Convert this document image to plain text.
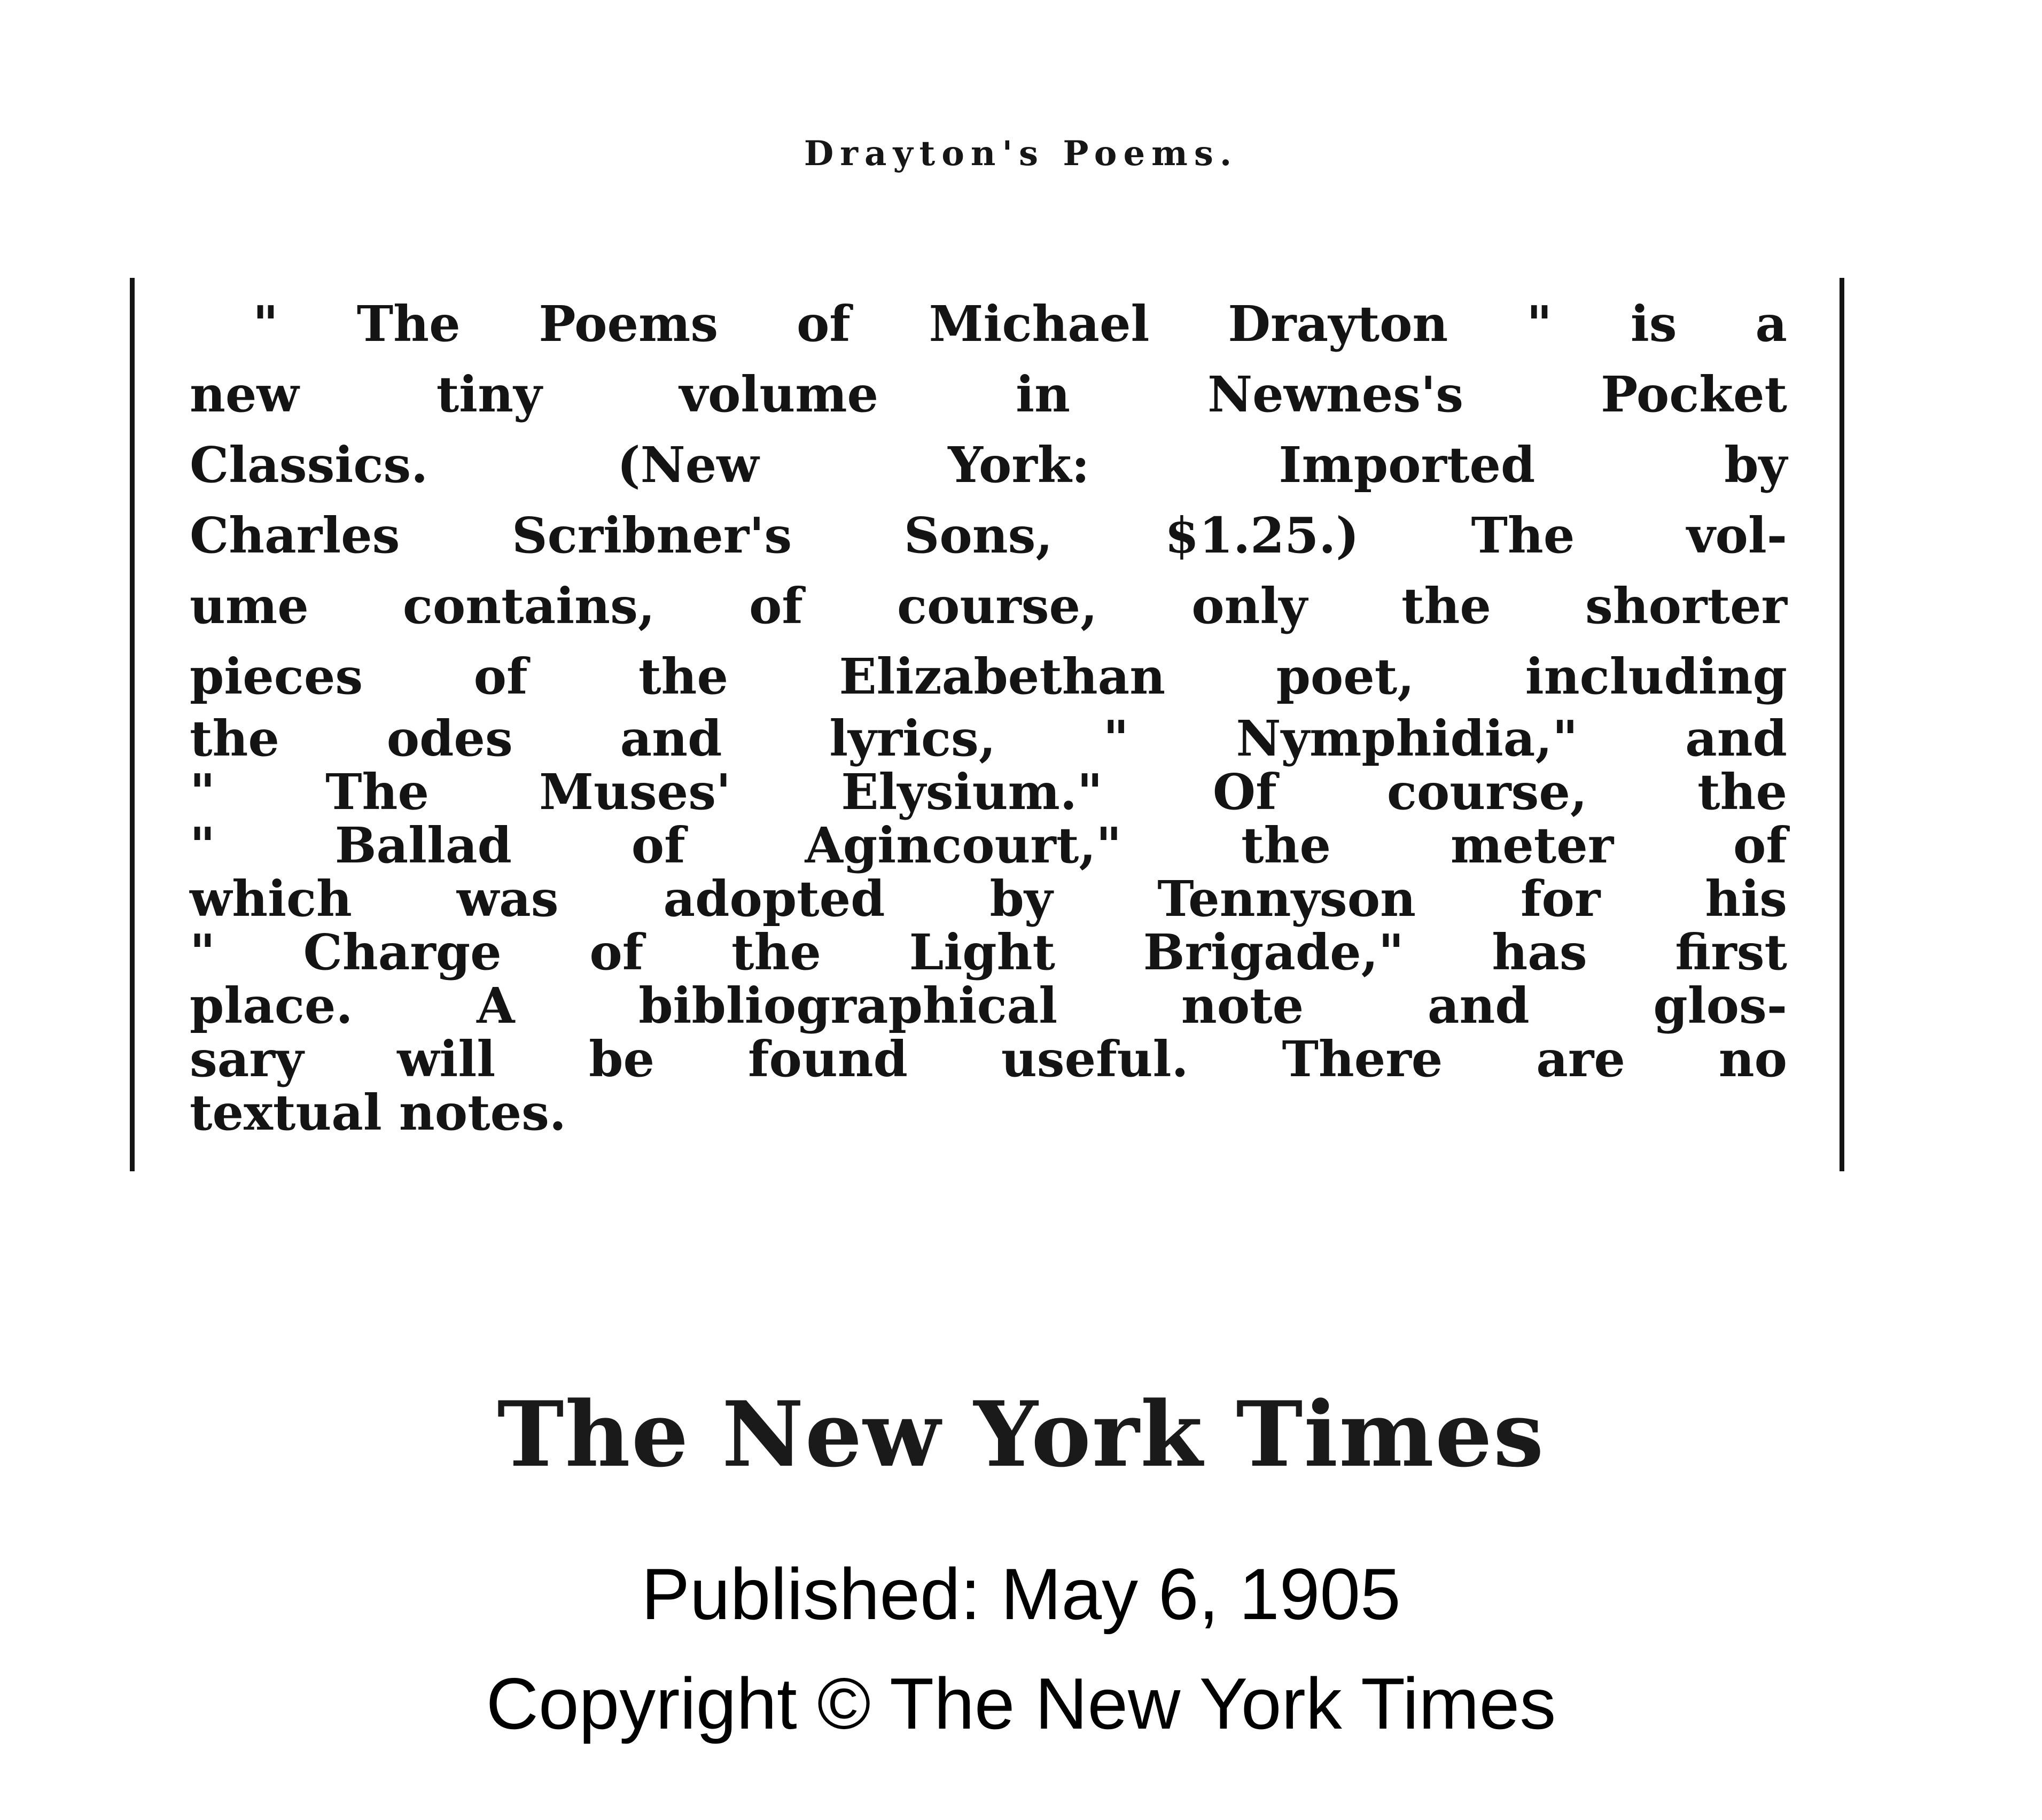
Drayton's Poems.
" The Poems of Michael Drayton " is a
new tiny volume in Newnes's Pocket
Classics. (New York: Imported by
Charles Scribner's Sons, $1.25.) The vol-
ume contains, of course, only the shorter
pieces of the Elizabethan poet, including
the odes and lyrics, " Nymphidia," and
" The Muses' Elysium." Of course, the
" Ballad of Agincourt," the meter of
which was adopted by Tennyson for his
" Charge of the Light Brigade," has first
place. A bibliographical note and glos-
sary will be found useful. There are no
textual notes.
The New York Times
Published: May 6, 1905
Copyright © The New York Times
